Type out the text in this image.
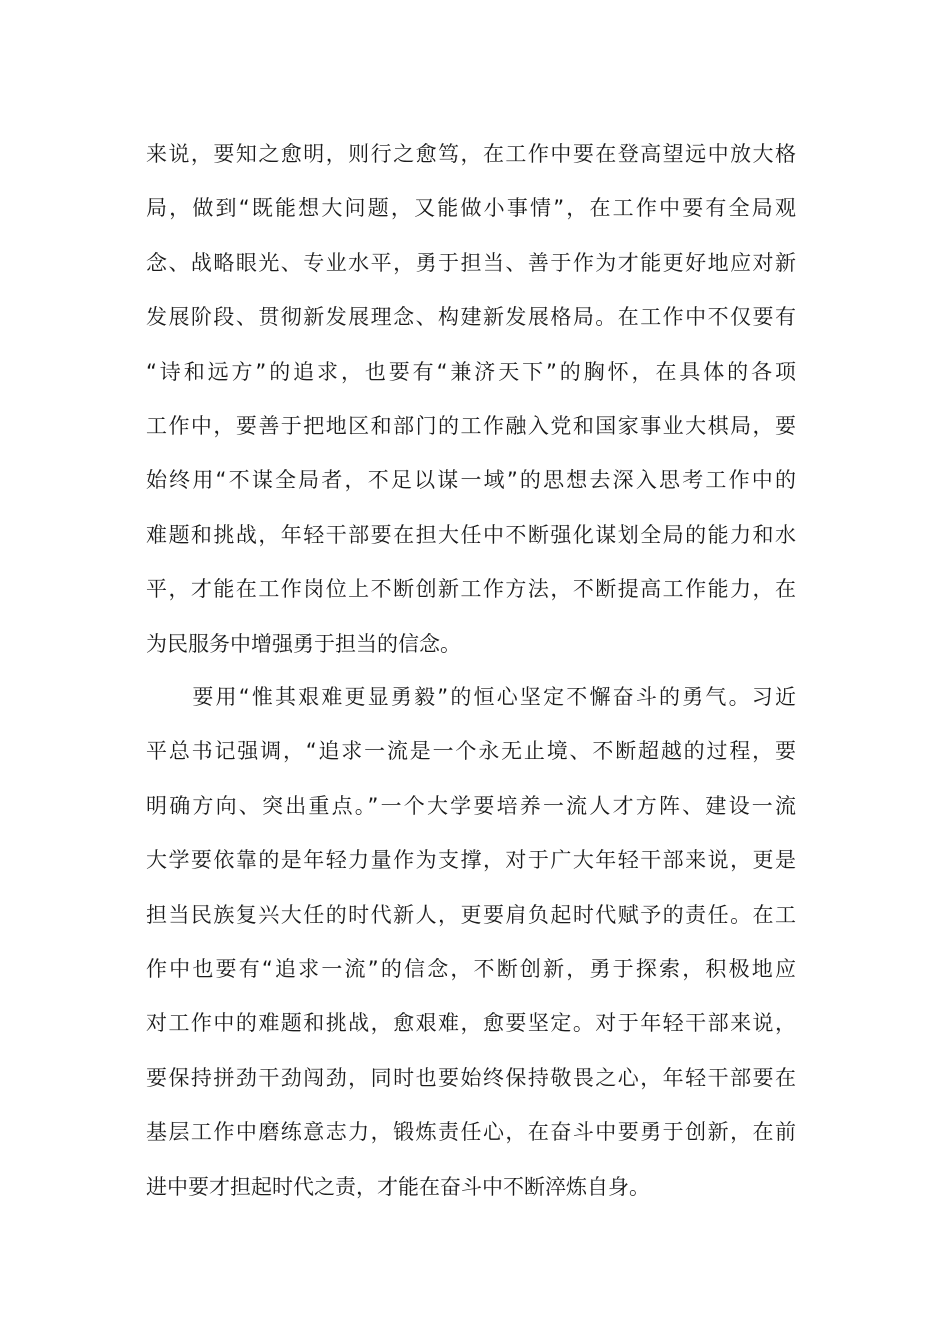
来说，要知之愈明，则行之愈笃，在工作中要在登高望远中放大格
局，做到“既能想大问题，又能做小事情”，在工作中要有全局观
念、战略眼光、专业水平，勇于担当、善于作为才能更好地应对新
发展阶段、贯彻新发展理念、构建新发展格局。在工作中不仅要有
“诗和远方”的追求，也要有“兼济天下”的胸怀，在具体的各项
工作中，要善于把地区和部门的工作融入党和国家事业大棋局，要
始终用“不谋全局者，不足以谋一域”的思想去深入思考工作中的
难题和挑战，年轻干部要在担大任中不断强化谋划全局的能力和水
平，才能在工作岗位上不断创新工作方法，不断提高工作能力，在
为民服务中增强勇于担当的信念。
　　要用“惟其艰难更显勇毅”的恒心坚定不懈奋斗的勇气。习近
平总书记强调，“追求一流是一个永无止境、不断超越的过程，要
明确方向、突出重点。”一个大学要培养一流人才方阵、建设一流
大学要依靠的是年轻力量作为支撑，对于广大年轻干部来说，更是
担当民族复兴大任的时代新人，更要肩负起时代赋予的责任。在工
作中也要有“追求一流”的信念，不断创新，勇于探索，积极地应
对工作中的难题和挑战，愈艰难，愈要坚定。对于年轻干部来说，
要保持拼劲干劲闯劲，同时也要始终保持敬畏之心，年轻干部要在
基层工作中磨练意志力，锻炼责任心，在奋斗中要勇于创新，在前
进中要才担起时代之责，才能在奋斗中不断淬炼自身。
